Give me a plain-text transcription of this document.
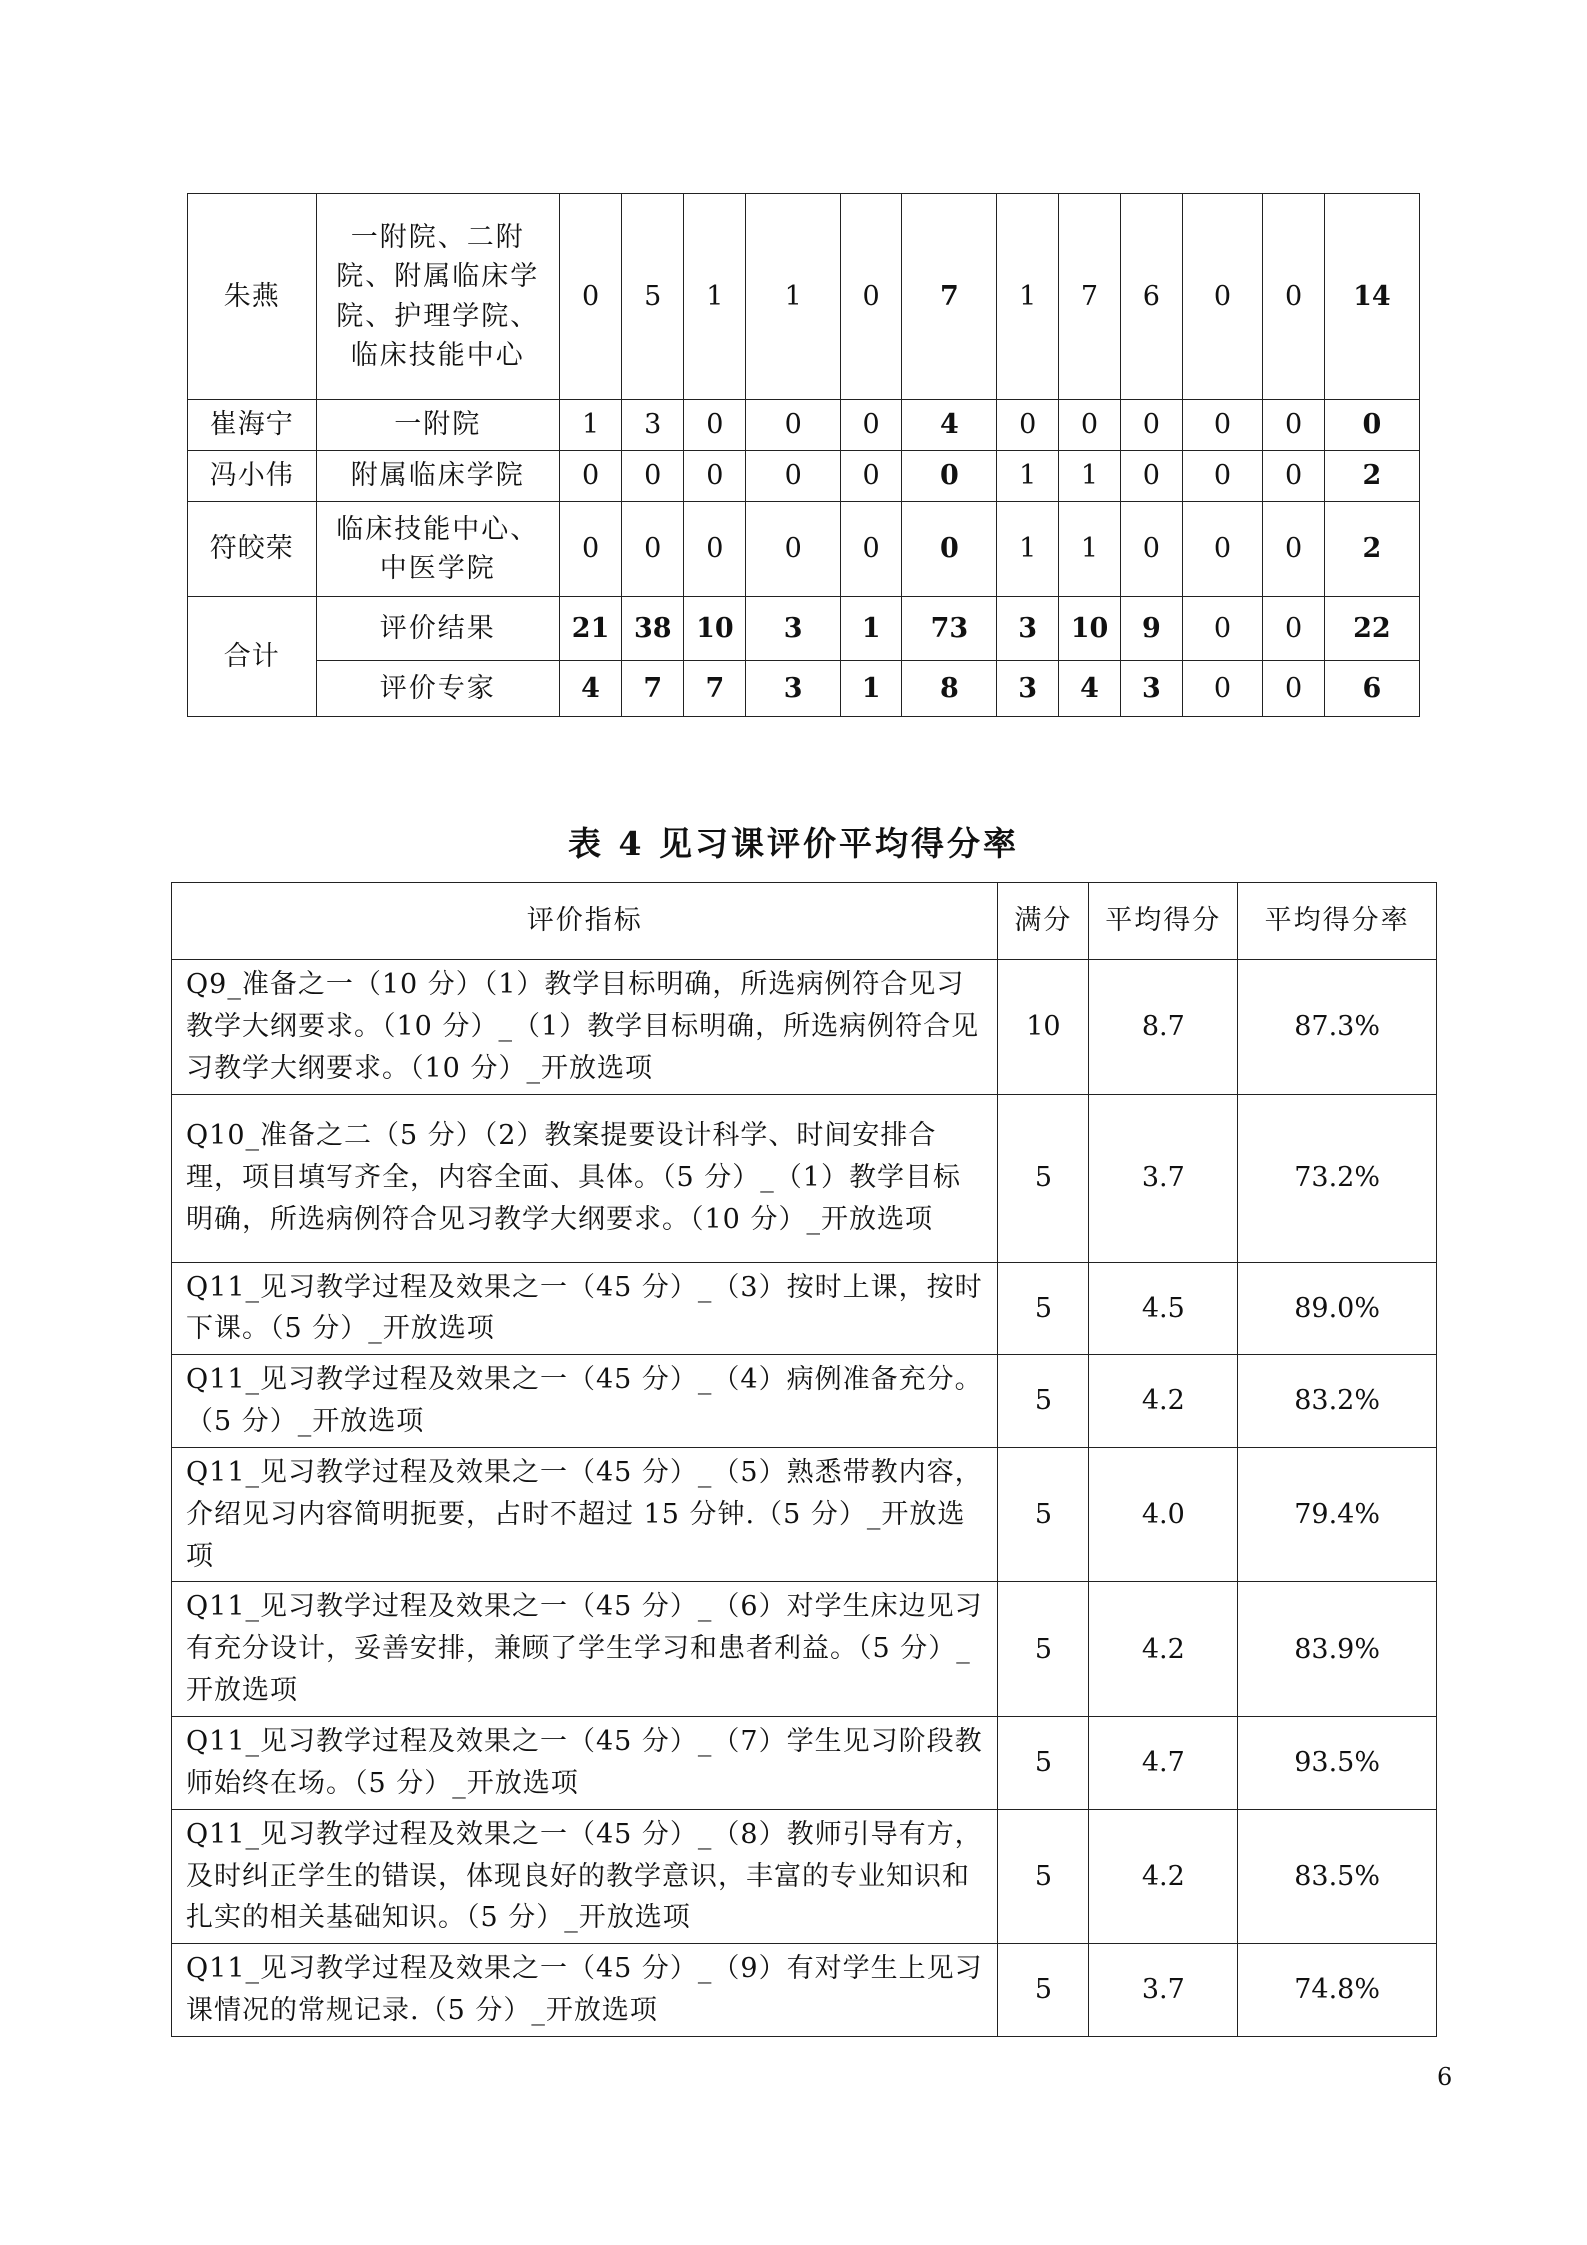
朱燕	一附院、二附院、附属临床学院、护理学院、临床技能中心	0	5	1	1	0	7	1	7	6	0	0	14
崔海宁	一附院	1	3	0	0	0	4	0	0	0	0	0	0
冯小伟	附属临床学院	0	0	0	0	0	0	1	1	0	0	0	2
符皎荣	临床技能中心、中医学院	0	0	0	0	0	0	1	1	0	0	0	2
合计	评价结果	21	38	10	3	1	73	3	10	9	0	0	22
	评价专家	4	7	7	3	1	8	3	4	3	0	0	6
表 4 见习课评价平均得分率
评价指标	满分	平均得分	平均得分率
Q9_准备之一（10 分）（1）教学目标明确，所选病例符合见习教学大纲要求。（10 分）_（1）教学目标明确，所选病例符合见习教学大纲要求。（10 分）_开放选项	10	8.7	87.3%
Q10_准备之二（5 分）（2）教案提要设计科学、时间安排合理，项目填写齐全，内容全面、具体。（5 分）_（1）教学目标明确，所选病例符合见习教学大纲要求。（10 分）_开放选项	5	3.7	73.2%
Q11_见习教学过程及效果之一（45 分）_（3）按时上课，按时下课。（5 分）_开放选项	5	4.5	89.0%
Q11_见习教学过程及效果之一（45 分）_（4）病例准备充分。（5 分）_开放选项	5	4.2	83.2%
Q11_见习教学过程及效果之一（45 分）_（5）熟悉带教内容，介绍见习内容简明扼要，占时不超过 15 分钟.（5 分）_开放选项	5	4.0	79.4%
Q11_见习教学过程及效果之一（45 分）_（6）对学生床边见习有充分设计，妥善安排，兼顾了学生学习和患者利益。（5 分）_开放选项	5	4.2	83.9%
Q11_见习教学过程及效果之一（45 分）_（7）学生见习阶段教师始终在场。（5 分）_开放选项	5	4.7	93.5%
Q11_见习教学过程及效果之一（45 分）_（8）教师引导有方，及时纠正学生的错误，体现良好的教学意识，丰富的专业知识和扎实的相关基础知识。（5 分）_开放选项	5	4.2	83.5%
Q11_见习教学过程及效果之一（45 分）_（9）有对学生上见习课情况的常规记录.（5 分）_开放选项	5	3.7	74.8%
6
